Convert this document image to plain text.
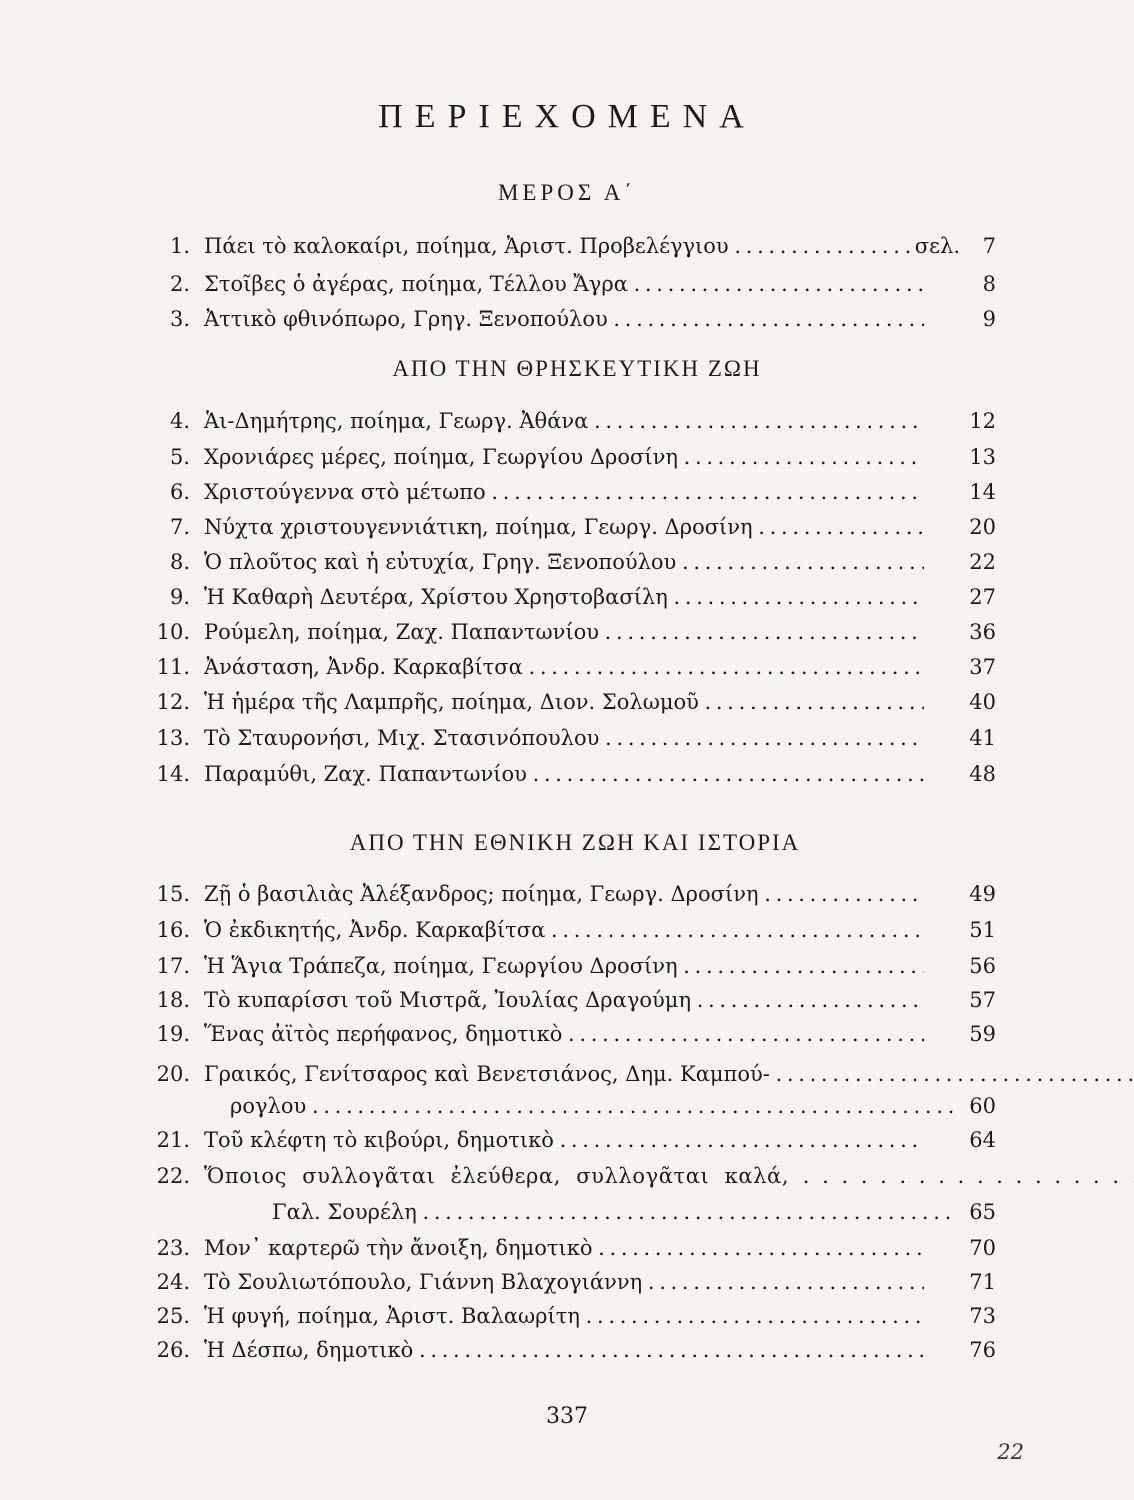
ΠΕΡΙΕΧΟΜΕΝΑ
ΜΕΡΟΣ Α΄
1. Πάει τὸ καλοκαίρι, ποίημα, Ἀριστ. Προβελέγγιου . . .	σελ. 7
2. Στοῖβες ὁ ἀγέρας, ποίημα, Τέλλου Ἄγρα . . .	8
3. Ἀττικὸ φθινόπωρο, Γρηγ. Ξενοπούλου . . .	9
ΑΠΟ ΤΗΝ ΘΡΗΣΚΕΥΤΙΚΗ ΖΩΗ
4. Ἁι-Δημήτρης, ποίημα, Γεωργ. Ἀθάνα . . .	12
5. Χρονιάρες μέρες, ποίημα, Γεωργίου Δροσίνη . . .	13
6. Χριστούγεννα στὸ μέτωπο . . .	14
7. Νύχτα χριστουγεννιάτικη, ποίημα, Γεωργ. Δροσίνη . . .	20
8. Ὁ πλοῦτος καὶ ἡ εὐτυχία, Γρηγ. Ξενοπούλου . . .	22
9. Ἡ Καθαρὴ Δευτέρα, Χρίστου Χρηστοβασίλη . . .	27
10. Ρούμελη, ποίημα, Ζαχ. Παπαντωνίου . . .	36
11. Ἀνάσταση, Ἀνδρ. Καρκαβίτσα . . .	37
12. Ἡ ἡμέρα τῆς Λαμπρῆς, ποίημα, Διον. Σολωμοῦ . . .	40
13. Τὸ Σταυρονήσι, Μιχ. Στασινόπουλου . . .	41
14. Παραμύθι, Ζαχ. Παπαντωνίου . . .	48
ΑΠΟ ΤΗΝ ΕΘΝΙΚΗ ΖΩΗ ΚΑΙ ΙΣΤΟΡΙΑ
15. Ζῇ ὁ βασιλιὰς Ἀλέξανδρος; ποίημα, Γεωργ. Δροσίνη . . .	49
16. Ὁ ἐκδικητής, Ἀνδρ. Καρκαβίτσα . . .	51
17. Ἡ Ἅγια Τράπεζα, ποίημα, Γεωργίου Δροσίνη . . .	56
18. Τὸ κυπαρίσσι τοῦ Μιστρᾶ, Ἰουλίας Δραγούμη . . .	57
19. Ἕνας ἀϊτὸς περήφανος, δημοτικὸ . . .	59
20. Γραικός, Γενίτσαρος καὶ Βενετσιάνος, Δημ. Καμπού- . . .
ρογλου . . .	60
21. Τοῦ κλέφτη τὸ κιβούρι, δημοτικὸ . . .	64
22. Ὅποιος συλλογᾶται ἐλεύθερα, συλλογᾶται καλά, . . .
Γαλ. Σουρέλη . . .	65
23. Μον᾿ καρτερῶ τὴν ἄνοιξη, δημοτικὸ . . .	70
24. Τὸ Σουλιωτόπουλο, Γιάννη Βλαχογιάννη . . .	71
25. Ἡ φυγή, ποίημα, Ἀριστ. Βαλαωρίτη . . .	73
26. Ἡ Δέσπω, δημοτικὸ . . .	76
337
22
